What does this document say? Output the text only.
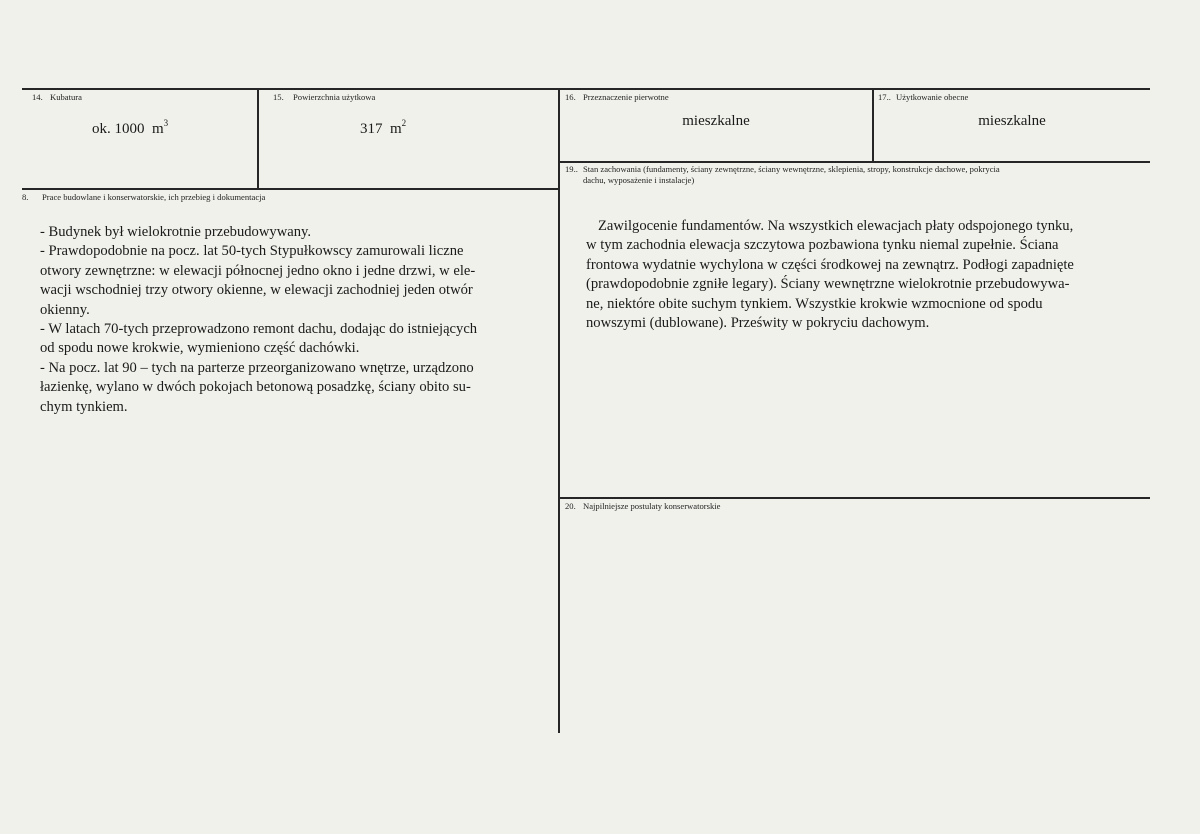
14. Kubatura
ok. 1000 $m^3$
15. Powierzchnia użytkowa
317 $m^2$
16. Przeznaczenie pierwotne
mieszkalne
17.. Użytkowanie obecne
mieszkalne
19.. Stan zachowania (fundamenty, ściany zewnętrzne, ściany wewnętrzne, sklepienia, stropy, konstrukcje dachowe, pokrycia
dachu, wyposażenie i instalacje)

Zawilgocenie fundamentów. Na wszystkich elewacjach płaty odspojonego tynku,

w tym zachodnia elewacja szczytowa pozbawiona tynku niemal zupełnie. Ściana

frontowa wydatnie wychylona w części środkowej na zewnątrz. Podłogi zapadnięte

(prawdopodobnie zgniłe legary). Ściany wewnętrzne wielokrotnie przebudowywa-

ne, niektóre obite suchym tynkiem. Wszystkie krokwie wzmocnione od spodu

nowszymi (dublowane). Prześwity w pokryciu dachowym.

8. Prace budowlane i konserwatorskie, ich przebieg i dokumentacja

- Budynek był wielokrotnie przebudowywany.

- Prawdopodobnie na pocz. lat 50-tych Stypułkowscy zamurowali liczne

otwory zewnętrzne: w elewacji północnej jedno okno i jedne drzwi, w ele-

wacji wschodniej trzy otwory okienne, w elewacji zachodniej jeden otwór

okienny.

- W latach 70-tych przeprowadzono remont dachu, dodając do istniejących

od spodu nowe krokwie, wymieniono część dachówki.

- Na pocz. lat 90 – tych na parterze przeorganizowano wnętrze, urządzono

łazienkę, wylano w dwóch pokojach betonową posadzkę, ściany obito su-

chym tynkiem.

20. Najpilniejsze postulaty konserwatorskie
